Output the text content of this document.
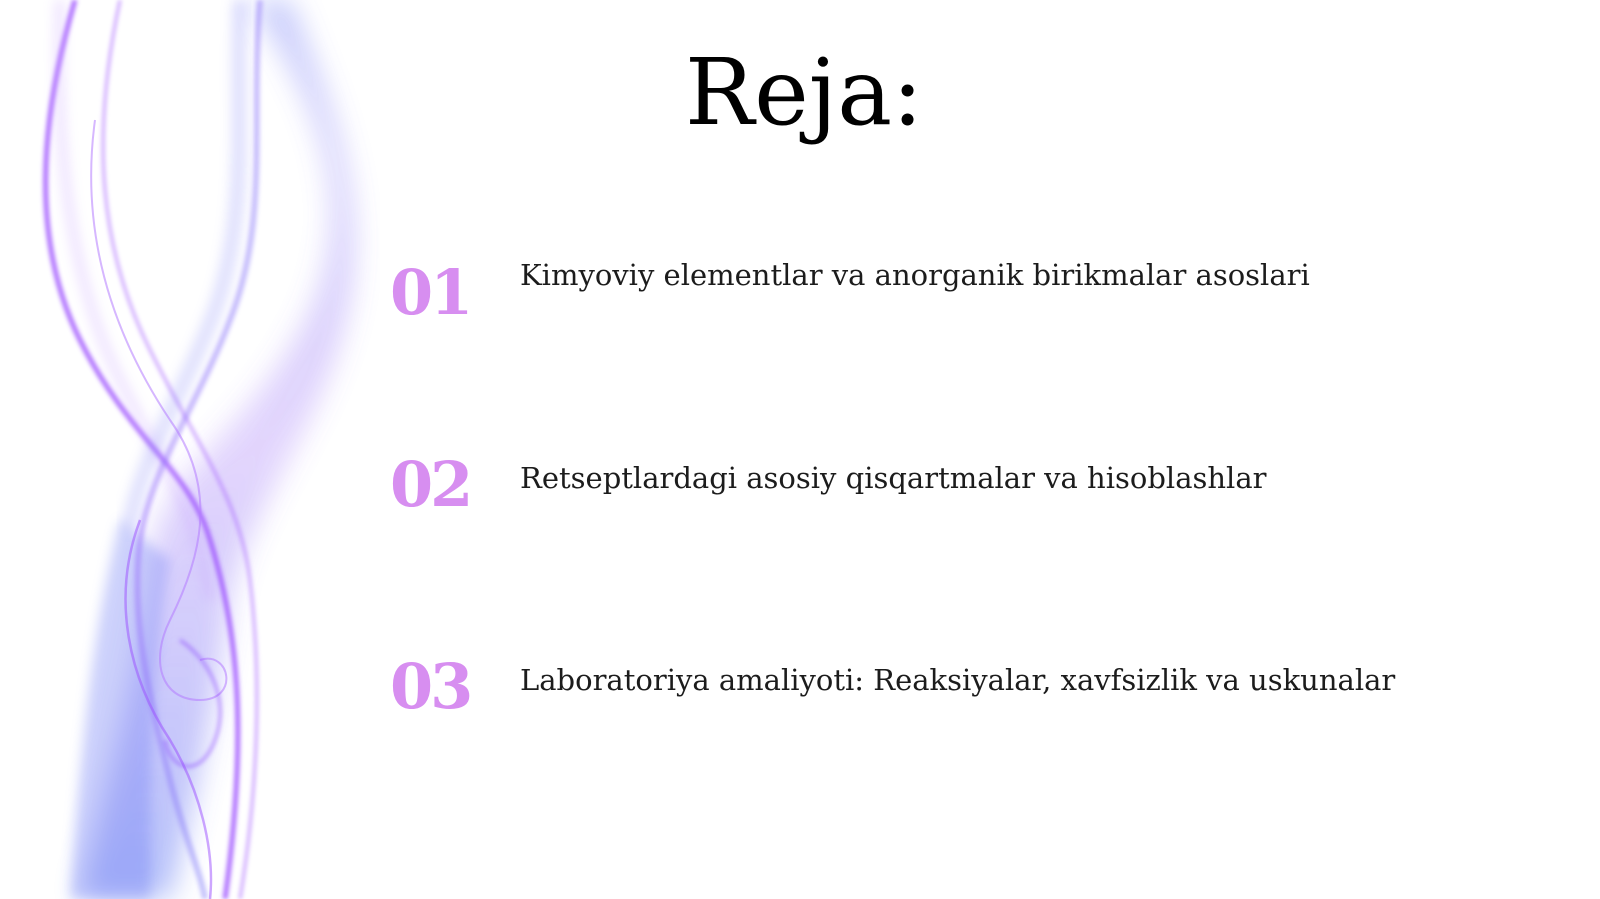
Reja:
01	Kimyoviy elementlar va anorganik birikmalar asoslari
02	Retseptlardagi asosiy qisqartmalar va hisoblashlar
03	Laboratoriya amaliyoti: Reaksiyalar, xavfsizlik va uskunalar
